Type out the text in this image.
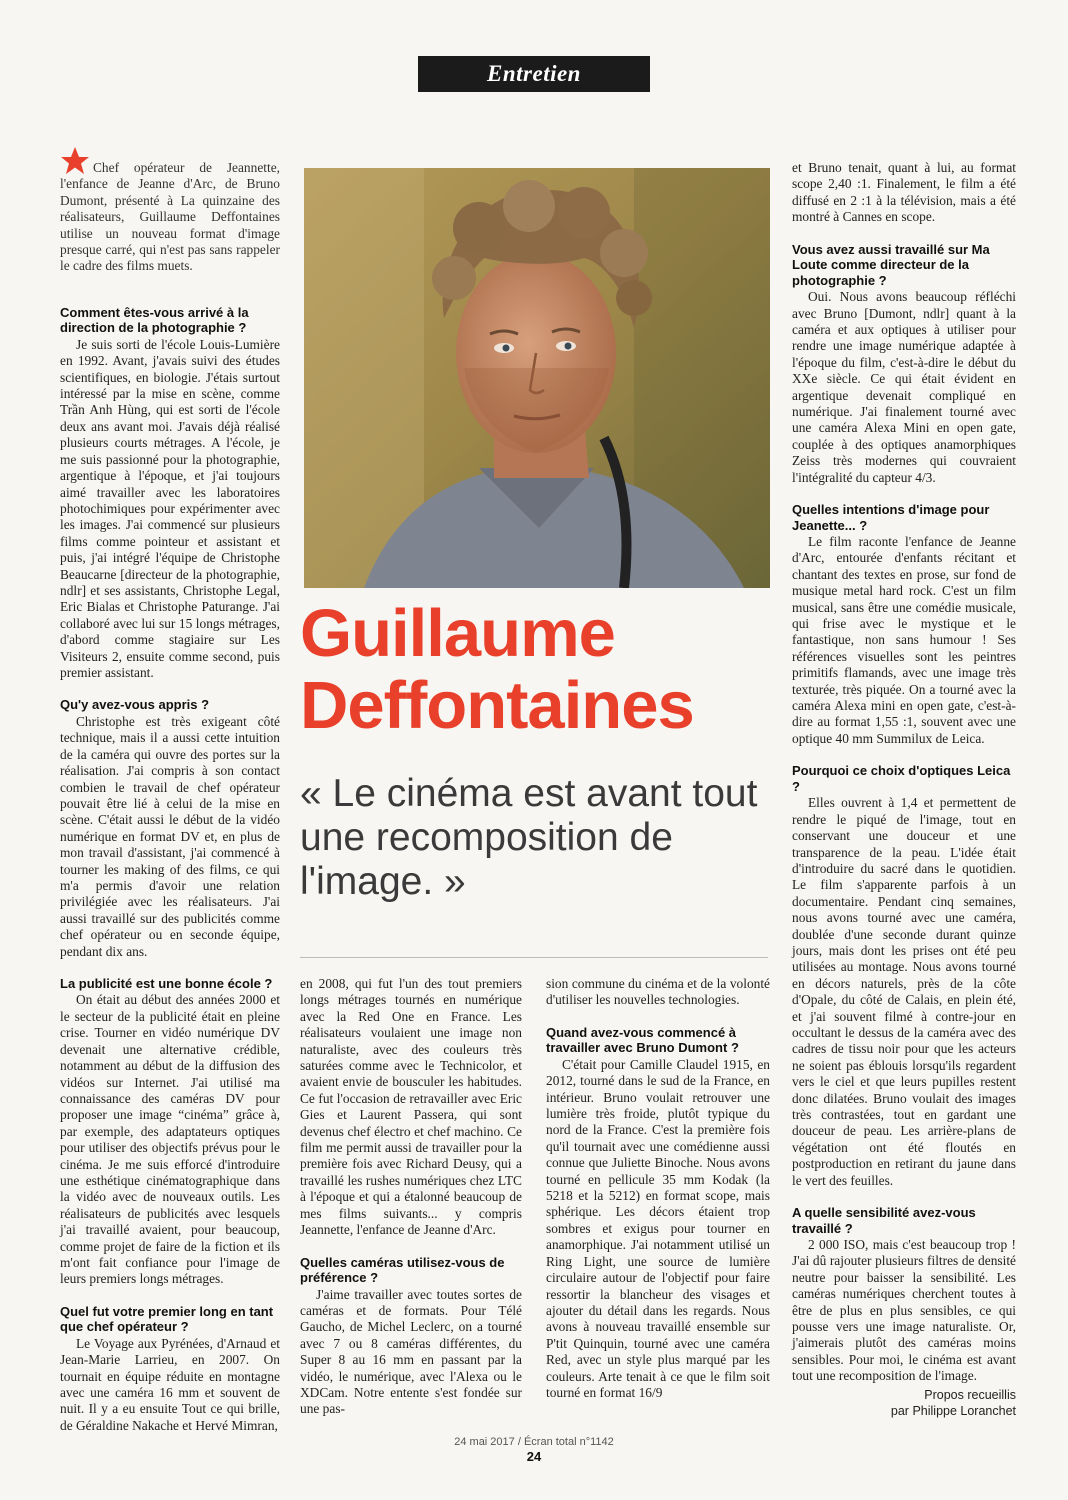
Entretien

Chef opérateur de Jeannette, l'enfance de Jeanne d'Arc, de Bruno Dumont, présenté à La quinzaine des réalisateurs, Guillaume Deffontaines utilise un nouveau format d'image presque carré, qui n'est pas sans rappeler le cadre des films muets.

Comment êtes-vous arrivé à la direction de la photographie ?

Je suis sorti de l'école Louis-Lumière en 1992. Avant, j'avais suivi des études scientifiques, en biologie. J'étais surtout intéressé par la mise en scène, comme Trần Anh Hùng, qui est sorti de l'école deux ans avant moi. J'avais déjà réalisé plusieurs courts métrages. A l'école, je me suis passionné pour la photographie, argentique à l'époque, et j'ai toujours aimé travailler avec les laboratoires photochimiques pour expérimenter avec les images. J'ai commencé sur plusieurs films comme pointeur et assistant et puis, j'ai intégré l'équipe de Christophe Beaucarne [directeur de la photographie, ndlr] et ses assistants, Christophe Legal, Eric Bialas et Christophe Paturange. J'ai collaboré avec lui sur 15 longs métrages, d'abord comme stagiaire sur Les Visiteurs 2, ensuite comme second, puis premier assistant.

Qu'y avez-vous appris ?

Christophe est très exigeant côté technique, mais il a aussi cette intuition de la caméra qui ouvre des portes sur la réalisation. J'ai compris à son contact combien le travail de chef opérateur pouvait être lié à celui de la mise en scène. C'était aussi le début de la vidéo numérique en format DV et, en plus de mon travail d'assistant, j'ai commencé à tourner les making of des films, ce qui m'a permis d'avoir une relation privilégiée avec les réalisateurs. J'ai aussi travaillé sur des publicités comme chef opérateur ou en seconde équipe, pendant dix ans.

La publicité est une bonne école ?

On était au début des années 2000 et le secteur de la publicité était en pleine crise. Tourner en vidéo numérique DV devenait une alternative crédible, notamment au début de la diffusion des vidéos sur Internet. J'ai utilisé ma connaissance des caméras DV pour proposer une image “cinéma” grâce à, par exemple, des adaptateurs optiques pour utiliser des objectifs prévus pour le cinéma. Je me suis efforcé d'introduire une esthétique cinématographique dans la vidéo avec de nouveaux outils. Les réalisateurs de publicités avec lesquels j'ai travaillé avaient, pour beaucoup, comme projet de faire de la fiction et ils m'ont fait confiance pour l'image de leurs premiers longs métrages.

Quel fut votre premier long en tant que chef opérateur ?

Le Voyage aux Pyrénées, d'Arnaud et Jean-Marie Larrieu, en 2007. On tournait en équipe réduite en montagne avec une caméra 16 mm et souvent de nuit. Il y a eu ensuite Tout ce qui brille, de Géraldine Nakache et Hervé Mimran,

Guillaume
Deffontaines
« Le cinéma est avant tout une recomposition de l'image. »

en 2008, qui fut l'un des tout premiers longs métrages tournés en numérique avec la Red One en France. Les réalisateurs voulaient une image non naturaliste, avec des couleurs très saturées comme avec le Technicolor, et avaient envie de bousculer les habitudes. Ce fut l'occasion de retravailler avec Eric Gies et Laurent Passera, qui sont devenus chef électro et chef machino. Ce film me permit aussi de travailler pour la première fois avec Richard Deusy, qui a travaillé les rushes numériques chez LTC à l'époque et qui a étalonné beaucoup de mes films suivants... y compris Jeannette, l'enfance de Jeanne d'Arc.

Quelles caméras utilisez-vous de préférence ?

J'aime travailler avec toutes sortes de caméras et de formats. Pour Télé Gaucho, de Michel Leclerc, on a tourné avec 7 ou 8 caméras différentes, du Super 8 au 16 mm en passant par la vidéo, le numérique, avec l'Alexa ou le XDCam. Notre entente s'est fondée sur une pas-

sion commune du cinéma et de la volonté d'utiliser les nouvelles technologies.

Quand avez-vous commencé à travailler avec Bruno Dumont ?

C'était pour Camille Claudel 1915, en 2012, tourné dans le sud de la France, en intérieur. Bruno voulait retrouver une lumière très froide, plutôt typique du nord de la France. C'est la première fois qu'il tournait avec une comédienne aussi connue que Juliette Binoche. Nous avons tourné en pellicule 35 mm Kodak (la 5218 et la 5212) en format scope, mais sphérique. Les décors étaient trop sombres et exigus pour tourner en anamorphique. J'ai notamment utilisé un Ring Light, une source de lumière circulaire autour de l'objectif pour faire ressortir la blancheur des visages et ajouter du détail dans les regards. Nous avons à nouveau travaillé ensemble sur P'tit Quinquin, tourné avec une caméra Red, avec un style plus marqué par les couleurs. Arte tenait à ce que le film soit tourné en format 16/9

et Bruno tenait, quant à lui, au format scope 2,40 :1. Finalement, le film a été diffusé en 2 :1 à la télévision, mais a été montré à Cannes en scope.

Vous avez aussi travaillé sur Ma Loute comme directeur de la photographie ?

Oui. Nous avons beaucoup réfléchi avec Bruno [Dumont, ndlr] quant à la caméra et aux optiques à utiliser pour rendre une image numérique adaptée à l'époque du film, c'est-à-dire le début du XXe siècle. Ce qui était évident en argentique devenait compliqué en numérique. J'ai finalement tourné avec une caméra Alexa Mini en open gate, couplée à des optiques anamorphiques Zeiss très modernes qui couvraient l'intégralité du capteur 4/3.

Quelles intentions d'image pour Jeanette... ?

Le film raconte l'enfance de Jeanne d'Arc, entourée d'enfants récitant et chantant des textes en prose, sur fond de musique metal hard rock. C'est un film musical, sans être une comédie musicale, qui frise avec le mystique et le fantastique, non sans humour ! Ses références visuelles sont les peintres primitifs flamands, avec une image très texturée, très piquée. On a tourné avec la caméra Alexa mini en open gate, c'est-à-dire au format 1,55 :1, souvent avec une optique 40 mm Summilux de Leica.

Pourquoi ce choix d'optiques Leica ?

Elles ouvrent à 1,4 et permettent de rendre le piqué de l'image, tout en conservant une douceur et une transparence de la peau. L'idée était d'introduire du sacré dans le quotidien. Le film s'apparente parfois à un documentaire. Pendant cinq semaines, nous avons tourné avec une caméra, doublée d'une seconde durant quinze jours, mais dont les prises ont été peu utilisées au montage. Nous avons tourné en décors naturels, près de la côte d'Opale, du côté de Calais, en plein été, et j'ai souvent filmé à contre-jour en occultant le dessus de la caméra avec des cadres de tissu noir pour que les acteurs ne soient pas éblouis lorsqu'ils regardent vers le ciel et que leurs pupilles restent donc dilatées. Bruno voulait des images très contrastées, tout en gardant une douceur de peau. Les arrière-plans de végétation ont été floutés en postproduction en retirant du jaune dans le vert des feuilles.

A quelle sensibilité avez-vous travaillé ?

2 000 ISO, mais c'est beaucoup trop ! J'ai dû rajouter plusieurs filtres de densité neutre pour baisser la sensibilité. Les caméras numériques cherchent toutes à être de plus en plus sensibles, ce qui pousse vers une image naturaliste. Or, j'aimerais plutôt des caméras moins sensibles. Pour moi, le cinéma est avant tout une recomposition de l'image.

Propos recueillis
par Philippe Loranchet
24 mai 2017 / Écran total n°1142
24
